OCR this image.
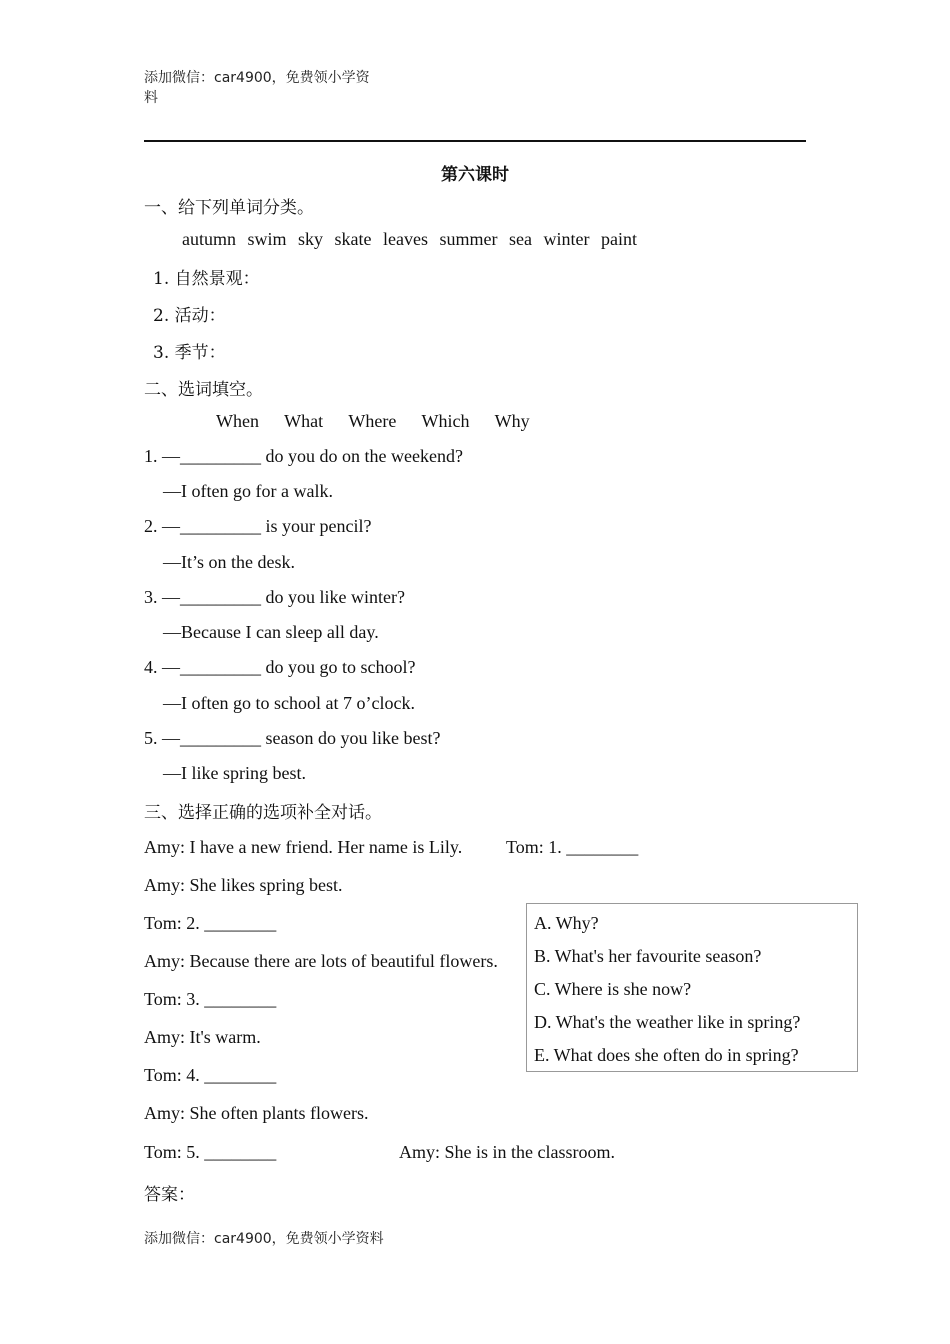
添加微信：car4900，免费领小学资
料
第六课时
一、给下列单词分类。
autumn swim sky skate leaves summer sea winter paint
1. 自然景观：
2. 活动：
3. 季节：
二、选词填空。
When What Where Which Why
1. —_________ do you do on the weekend?
—I often go for a walk.
2. —_________ is your pencil?
—It’s on the desk.
3. —_________ do you like winter?
—Because I can sleep all day.
4. —_________ do you go to school?
—I often go to school at 7 o’clock.
5. —_________ season do you like best?
—I like spring best.
三、选择正确的选项补全对话。
Amy: I have a new friend. Her name is Lily. Tom: 1. ________
Amy: She likes spring best.
Tom: 2. ________
Amy: Because there are lots of beautiful flowers.
Tom: 3. ________
Amy: It's warm.
Tom: 4. ________
Amy: She often plants flowers.
Tom: 5. ________	Amy: She is in the classroom.
A. Why?
B. What's her favourite season?
C. Where is she now?
D. What's the weather like in spring?
E. What does she often do in spring?
答案：
添加微信：car4900，免费领小学资料
